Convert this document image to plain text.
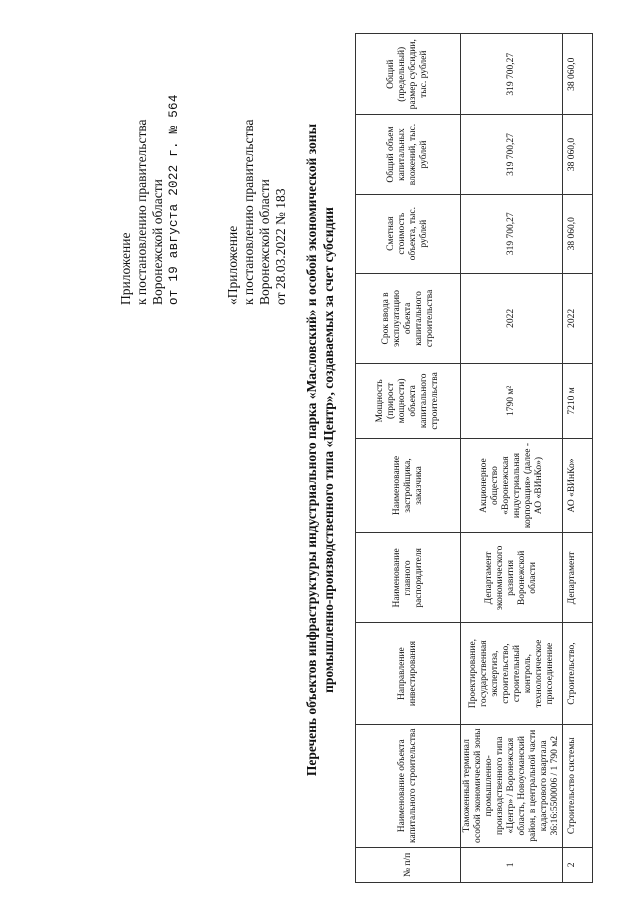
Приложение к постановлению правительства Воронежской области от 19 августа 2022 г. № 564	«Приложение к постановлению правительства Воронежской области от 28.03.2022 № 183 Перечень объектов инфраструктуры индустриального парка «Масловский» и особой экономической зоны промышленно-производственного типа «Центр», создаваемых за счет субсидии
№ п/п	Наименование объекта капитального строительства	Направление инвестирования	Наименование главного распорядителя	Наименование застройщика, заказчика	Мощность (прирост мощности) объекта капитального строительства	Срок ввода в эксплуатацию объекта капитального строительства	Сметная стоимость объекта, тыс. рублей	Общий объем капитальных вложений, тыс. рублей	Общий (предельный) размер субсидии, тыс. рублей
1	Таможенный терминал особой экономической зоны промышленно-производственного типа «Центр» / Воронежская область, Новоусманский район, в центральной части кадастрового квартала 36:16:5500006 / 1 790 м2	Проектирование, государственная экспертиза, строительство, строительный контроль, технологическое присоединение	Департамент экономического развития Воронежской области	Акционерное общество «Воронежская индустриальная корпорация» (далее - АО «ВИнКо»)	1790 м²	2022	319 700,27	319 700,27	319 700,27
2	Строительство системы	Строительство,	Департамент	АО «ВИнКо»	7210 м	2022	38 060,0	38 060,0	38 060,0
